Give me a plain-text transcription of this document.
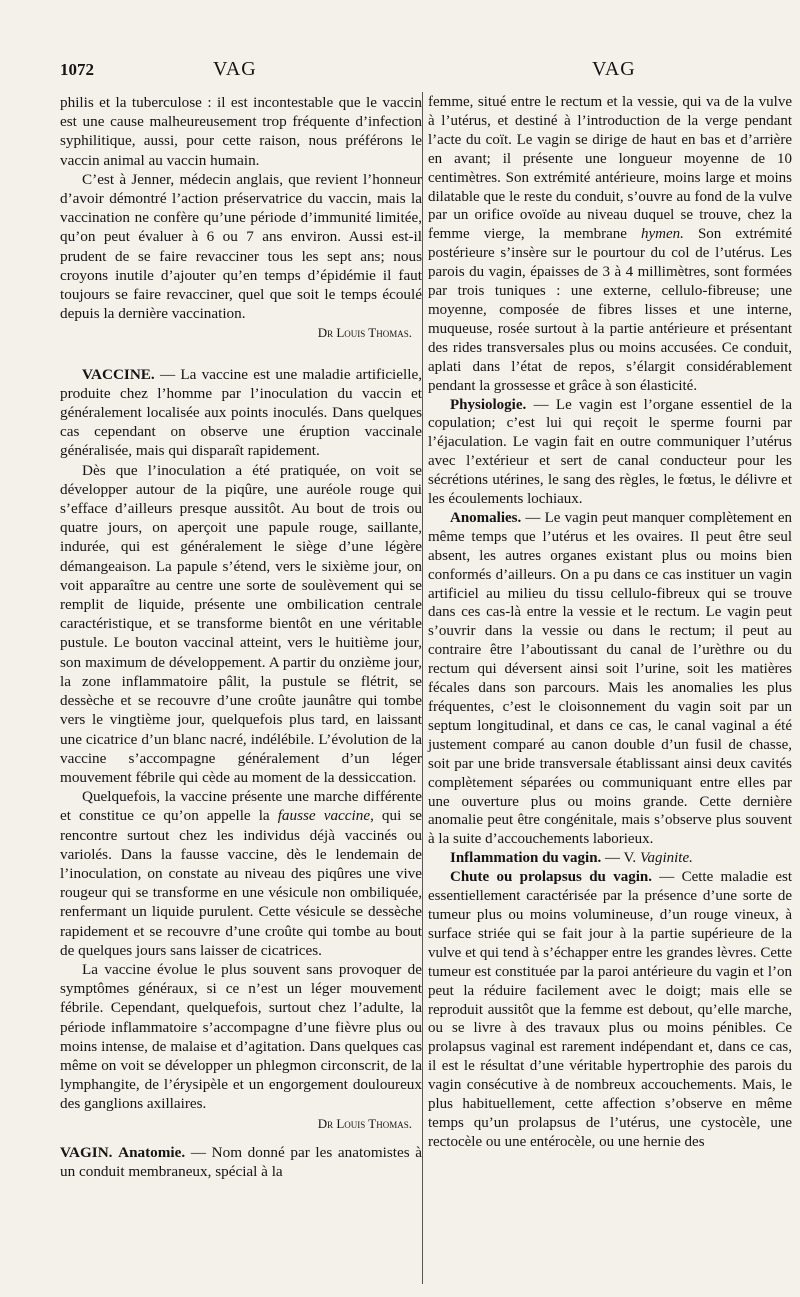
1072	VAG	VAG

philis et la tuberculose : il est incontestable que le vaccin est une cause malheureusement trop fréquente d’infection syphilitique, aussi, pour cette raison, nous préférons le vaccin animal au vaccin humain.

C’est à Jenner, médecin anglais, que revient l’honneur d’avoir démontré l’action préservatrice du vaccin, mais la vaccination ne confère qu’une période d’immunité limitée, qu’on peut évaluer à 6 ou 7 ans environ. Aussi est-il prudent de se faire revacciner tous les sept ans; nous croyons inutile d’ajouter qu’en temps d’épidémie il faut toujours se faire revacciner, quel que soit le temps écoulé depuis la dernière vaccination.

Dr Louis Thomas.

VACCINE. — La vaccine est une maladie artificielle, produite chez l’homme par l’inoculation du vaccin et généralement localisée aux points inoculés. Dans quelques cas cependant on observe une éruption vaccinale généralisée, mais qui disparaît rapidement.

Dès que l’inoculation a été pratiquée, on voit se développer autour de la piqûre, une auréole rouge qui s’efface d’ailleurs presque aussitôt. Au bout de trois ou quatre jours, on aperçoit une papule rouge, saillante, indurée, qui est généralement le siège d’une légère démangeaison. La papule s’étend, vers le sixième jour, on voit apparaître au centre une sorte de soulèvement qui se remplit de liquide, présente une ombilication centrale caractéristique, et se transforme bientôt en une véritable pustule. Le bouton vaccinal atteint, vers le huitième jour, son maximum de développement. A partir du onzième jour, la zone inflammatoire pâlit, la pustule se flétrit, se dessèche et se recouvre d’une croûte jaunâtre qui tombe vers le vingtième jour, quelquefois plus tard, en laissant une cicatrice d’un blanc nacré, indélébile. L’évolution de la vaccine s’accompagne généralement d’un léger mouvement fébrile qui cède au moment de la dessiccation.

Quelquefois, la vaccine présente une marche différente et constitue ce qu’on appelle la fausse vaccine, qui se rencontre surtout chez les individus déjà vaccinés ou variolés. Dans la fausse vaccine, dès le lendemain de l’inoculation, on constate au niveau des piqûres une vive rougeur qui se transforme en une vésicule non ombiliquée, renfermant un liquide purulent. Cette vésicule se dessèche rapidement et se recouvre d’une croûte qui tombe au bout de quelques jours sans laisser de cicatrices.

La vaccine évolue le plus souvent sans provoquer de symptômes généraux, si ce n’est un léger mouvement fébrile. Cependant, quelquefois, surtout chez l’adulte, la période inflammatoire s’accompagne d’une fièvre plus ou moins intense, de malaise et d’agitation. Dans quelques cas même on voit se développer un phlegmon circonscrit, de la lymphangite, de l’érysipèle et un engorgement douloureux des ganglions axillaires.

Dr Louis Thomas.

VAGIN. Anatomie. — Nom donné par les anatomistes à un conduit membraneux, spécial à la

femme, situé entre le rectum et la vessie, qui va de la vulve à l’utérus, et destiné à l’introduction de la verge pendant l’acte du coït. Le vagin se dirige de haut en bas et d’arrière en avant; il présente une longueur moyenne de 10 centimètres. Son extrémité antérieure, moins large et moins dilatable que le reste du conduit, s’ouvre au fond de la vulve par un orifice ovoïde au niveau duquel se trouve, chez la femme vierge, la membrane hymen. Son extrémité postérieure s’insère sur le pourtour du col de l’utérus. Les parois du vagin, épaisses de 3 à 4 millimètres, sont formées par trois tuniques : une externe, cellulo-fibreuse; une moyenne, composée de fibres lisses et une interne, muqueuse, rosée surtout à la partie antérieure et présentant des rides transversales plus ou moins accusées. Ce conduit, aplati dans l’état de repos, s’élargit considérablement pendant la grossesse et grâce à son élasticité.

Physiologie. — Le vagin est l’organe essentiel de la copulation; c’est lui qui reçoit le sperme fourni par l’éjaculation. Le vagin fait en outre communiquer l’utérus avec l’extérieur et sert de canal conducteur pour les sécrétions utérines, le sang des règles, le fœtus, le délivre et les écoulements lochiaux.

Anomalies. — Le vagin peut manquer complètement en même temps que l’utérus et les ovaires. Il peut être seul absent, les autres organes existant plus ou moins bien conformés d’ailleurs. On a pu dans ce cas instituer un vagin artificiel au milieu du tissu cellulo-fibreux qui se trouve dans ces cas-là entre la vessie et le rectum. Le vagin peut s’ouvrir dans la vessie ou dans le rectum; il peut au contraire être l’aboutissant du canal de l’urèthre ou du rectum qui déversent ainsi soit l’urine, soit les matières fécales dans son parcours. Mais les anomalies les plus fréquentes, c’est le cloisonnement du vagin soit par un septum longitudinal, et dans ce cas, le canal vaginal a été justement comparé au canon double d’un fusil de chasse, soit par une bride transversale établissant ainsi deux cavités complètement séparées ou communiquant entre elles par une ouverture plus ou moins grande. Cette dernière anomalie peut être congénitale, mais s’observe plus souvent à la suite d’accouchements laborieux.

Inflammation du vagin. — V. Vaginite.

Chute ou prolapsus du vagin. — Cette maladie est essentiellement caractérisée par la présence d’une sorte de tumeur plus ou moins volumineuse, d’un rouge vineux, à surface striée qui se fait jour à la partie supérieure de la vulve et qui tend à s’échapper entre les grandes lèvres. Cette tumeur est constituée par la paroi antérieure du vagin et l’on peut la réduire facilement avec le doigt; mais elle se reproduit aussitôt que la femme est debout, qu’elle marche, ou se livre à des travaux plus ou moins pénibles. Ce prolapsus vaginal est rarement indépendant et, dans ce cas, il est le résultat d’une véritable hypertrophie des parois du vagin consécutive à de nombreux accouchements. Mais, le plus habituellement, cette affection s’observe en même temps qu’un prolapsus de l’utérus, une cystocèle, une rectocèle ou une entérocèle, ou une hernie des
